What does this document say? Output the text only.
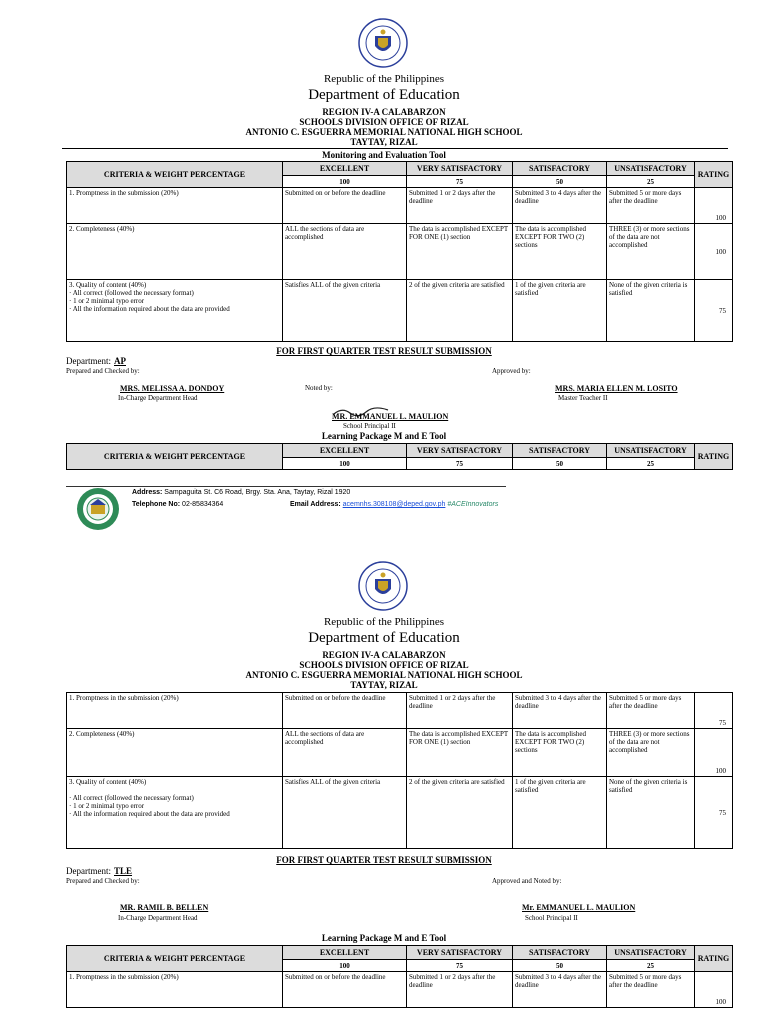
Republic of the Philippines
Department of Education
REGION IV-A CALABARZON
SCHOOLS DIVISION OFFICE OF RIZAL
ANTONIO C. ESGUERRA MEMORIAL NATIONAL HIGH SCHOOL
TAYTAY, RIZAL
Monitoring and Evaluation Tool
CRITERIA & WEIGHT PERCENTAGE	EXCELLENT	VERY SATISFACTORY	SATISFACTORY	UNSATISFACTORY	RATING
	100	75	50	25	
1. Promptness in the submission (20%)	Submitted on or before the deadline	Submitted 1 or 2 days after the deadline	Submitted 3 to 4 days after the deadline	Submitted 5 or more days after the deadline	100
2. Completeness (40%)	ALL the sections of data are accomplished	The data is accomplished EXCEPT FOR ONE (1) section	The data is accomplished EXCEPT FOR TWO (2) sections	THREE (3) or more sections of the data are not accomplished	100

3. Quality of content (40%)
· All correct (followed the necessary format)
· 1 or 2 minimal typo error
· All the information required about the data are provided	Satisfies ALL of the given criteria	2 of the given criteria are satisfied	1 of the given criteria are satisfied	None of the given criteria is satisfied	75
FOR FIRST QUARTER TEST RESULT SUBMISSION
Department: AP
Prepared and Checked by:	Approved by:
MRS. MELISSA A. DONDOY	Noted by:	MRS. MARIA ELLEN M. LOSITO
In-Charge Department Head	Master Teacher II
MR. EMMANUEL L. MAULION
School Principal II
Learning Package M and E Tool
CRITERIA & WEIGHT PERCENTAGE	EXCELLENT	VERY SATISFACTORY	SATISFACTORY	UNSATISFACTORY	RATING
	100	75	50	25	
Address: Sampaguita St. C6 Road, Brgy. Sta. Ana, Taytay, Rizal 1920
Telephone No: 02-85834364	Email Address: acemnhs.308108@deped.gov.ph #ACEInnovators
Republic of the Philippines
Department of Education
REGION IV-A CALABARZON
SCHOOLS DIVISION OFFICE OF RIZAL
ANTONIO C. ESGUERRA MEMORIAL NATIONAL HIGH SCHOOL
TAYTAY, RIZAL
1. Promptness in the submission (20%)	Submitted on or before the deadline	Submitted 1 or 2 days after the deadline	Submitted 3 to 4 days after the deadline	Submitted 5 or more days after the deadline	75
2. Completeness (40%)	ALL the sections of data are accomplished	The data is accomplished EXCEPT FOR ONE (1) section	The data is accomplished EXCEPT FOR TWO (2) sections	THREE (3) or more sections of the data are not accomplished	100

3. Quality of content (40%)
· All correct (followed the necessary format)
· 1 or 2 minimal typo error
· All the information required about the data are provided	Satisfies ALL of the given criteria	2 of the given criteria are satisfied	1 of the given criteria are satisfied	None of the given criteria is satisfied	75
FOR FIRST QUARTER TEST RESULT SUBMISSION
Department: TLE
Prepared and Checked by:	Approved and Noted by:
MR. RAMIL B. BELLEN	Mr. EMMANUEL L. MAULION
In-Charge Department Head	School Principal II
Learning Package M and E Tool
CRITERIA & WEIGHT PERCENTAGE	EXCELLENT	VERY SATISFACTORY	SATISFACTORY	UNSATISFACTORY	RATING
	100	75	50	25	
1. Promptness in the submission (20%)	Submitted on or before the deadline	Submitted 1 or 2 days after the deadline	Submitted 3 to 4 days after the deadline	Submitted 5 or more days after the deadline	100
